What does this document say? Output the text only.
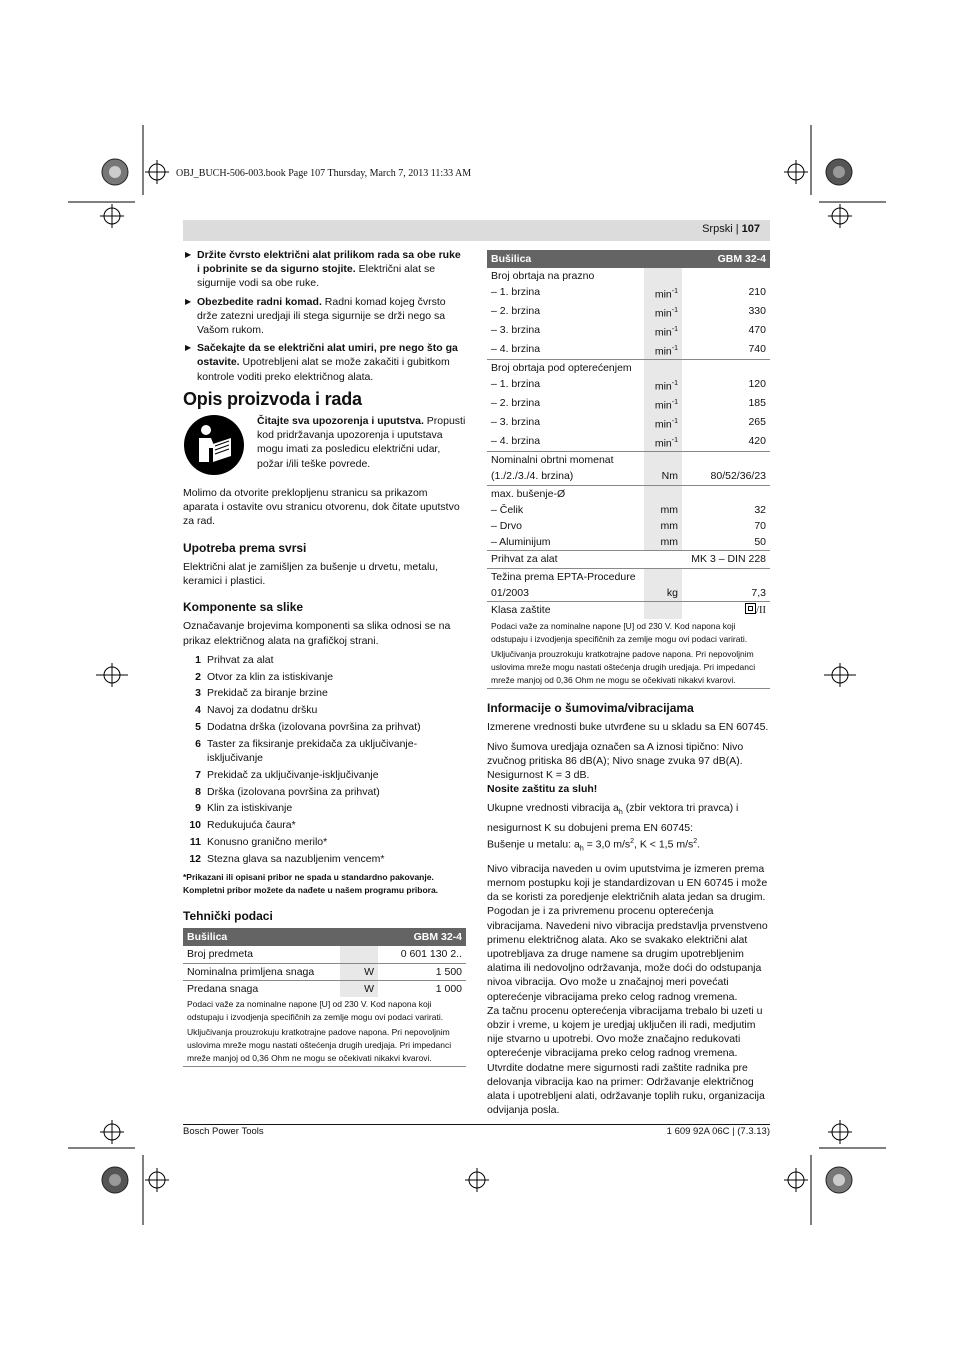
OBJ_BUCH-506-003.book Page 107 Thursday, March 7, 2013 11:33 AM
Srpski | 107
▶ Držite čvrsto električni alat prilikom rada sa obe ruke i pobrinite se da sigurno stojite. Električni alat se sigurnije vodi sa obe ruke.
▶ Obezbedite radni komad. Radni komad kojeg čvrsto drže zatezni uredjaji ili stega sigurnije se drži nego sa Vašom rukom.
▶ Sačekajte da se električni alat umiri, pre nego što ga ostavite. Upotrebljeni alat se može zakačiti i gubitkom kontrole voditi preko električnog alata.
Opis proizvoda i rada
Čitajte sva upozorenja i uputstva. Propusti kod pridržavanja upozorenja i uputstava mogu imati za posledicu električni udar, požar i/ili teške povrede.

Molimo da otvorite preklopljenu stranicu sa prikazom aparata i ostavite ovu stranicu otvorenu, dok čitate uputstvo za rad.

Upotreba prema svrsi

Električni alat je zamišljen za bušenje u drvetu, metalu, keramici i plastici.

Komponente sa slike

Označavanje brojevima komponenti sa slika odnosi se na prikaz električnog alata na grafičkoj strani.

1 Prihvat za alat
2 Otvor za klin za istiskivanje
3 Prekidač za biranje brzine
4 Navoj za dodatnu dršku
5 Dodatna drška (izolovana površina za prihvat)
6 Taster za fiksiranje prekidača za uključivanje-isključivanje
7 Prekidač za uključivanje-isključivanje
8 Drška (izolovana površina za prihvat)
9 Klin za istiskivanje
10 Redukujuća čaura*
11 Konusno granično merilo*
12 Stezna glava sa nazubljenim vencem*
*Prikazani ili opisani pribor ne spada u standardno pakovanje. Kompletni pribor možete da nađete u našem programu pribora.
Tehnički podaci
Bušilica		GBM 32-4
Broj predmeta		0 601 130 2..
Nominalna primljena snaga	W	1 500
Predana snaga	W	1 000
Podaci važe za nominalne napone [U] od 230 V. Kod napona koji odstupaju i izvodjenja specifičnih za zemlje mogu ovi podaci varirati.		
Uključivanja prouzrokuju kratkotrajne padove napona. Pri nepovoljnim uslovima mreže mogu nastati oštećenja drugih uredjaja. Pri impedanci mreže manjoj od 0,36 Ohm ne mogu se očekivati nikakvi kvarovi.		
Bušilica		GBM 32-4
Broj obrtaja na prazno		
– 1. brzina	$\min^{-1}$	210
– 2. brzina	$\min^{-1}$	330
– 3. brzina	$\min^{-1}$	470
– 4. brzina	$\min^{-1}$	740
Broj obrtaja pod opterećenjem		
– 1. brzina	$\min^{-1}$	120
– 2. brzina	$\min^{-1}$	185
– 3. brzina	$\min^{-1}$	265
– 4. brzina	$\min^{-1}$	420
Nominalni obrtni momenat		
(1./2./3./4. brzina)	Nm	80/52/36/23
max. bušenje-Ø		
– Čelik	mm	32
– Drvo	mm	70
– Aluminijum	mm	50
Prihvat za alat	MK 3 – DIN 228	
Težina prema EPTA-Procedure		
01/2003	kg	7,3
Klasa zaštite		/II
Podaci važe za nominalne napone [U] od 230 V. Kod napona koji odstupaju i izvodjenja specifičnih za zemlje mogu ovi podaci varirati.		
Uključivanja prouzrokuju kratkotrajne padove napona. Pri nepovoljnim uslovima mreže mogu nastati oštećenja drugih uredjaja. Pri impedanci mreže manjoj od 0,36 Ohm ne mogu se očekivati nikakvi kvarovi.		
Informacije o šumovima/vibracijama

Izmerene vrednosti buke utvrđene su u skladu sa EN 60745.

Nivo šumova uredjaja označen sa A iznosi tipično: Nivo zvučnog pritiska 86 dB(A); Nivo snage zvuka 97 dB(A). Nesigurnost K = 3 dB.

Nosite zaštitu za sluh!

Ukupne vrednosti vibracija $a_h$ (zbir vektora tri pravca) i nesigurnost K su dobujeni prema EN 60745:
Bušenje u metalu: $a_h = 3,0$ $m/s^2$, K < 1,5 $m/s^2$.

Nivo vibracija naveden u ovim uputstvima je izmeren prema mernom postupku koji je standardizovan u EN 60745 i može da se koristi za poredjenje električnih alata jedan sa drugim. Pogodan je i za privremenu procenu opterećenja vibracijama. Navedeni nivo vibracija predstavlja prvenstveno primenu električnog alata. Ako se svakako električni alat upotrebljava za druge namene sa drugim upotrebljenim alatima ili nedovoljno održavanja, može doći do odstupanja nivoa vibracija. Ovo može u značajnoj meri povećati opterećenje vibracijama preko celog radnog vremena.

Za tačnu procenu opterećenja vibracijama trebalo bi uzeti u obzir i vreme, u kojem je uredjaj uključen ili radi, medjutim nije stvarno u upotrebi. Ovo može značajno redukovati opterećenje vibracijama preko celog radnog vremena.

Utvrdite dodatne mere sigurnosti radi zaštite radnika pre delovanja vibracija kao na primer: Održavanje električnog alata i upotrebljeni alati, održavanje toplih ruku, organizacija odvijanja posla.

Bosch Power Tools	1 609 92A 06C | (7.3.13)
